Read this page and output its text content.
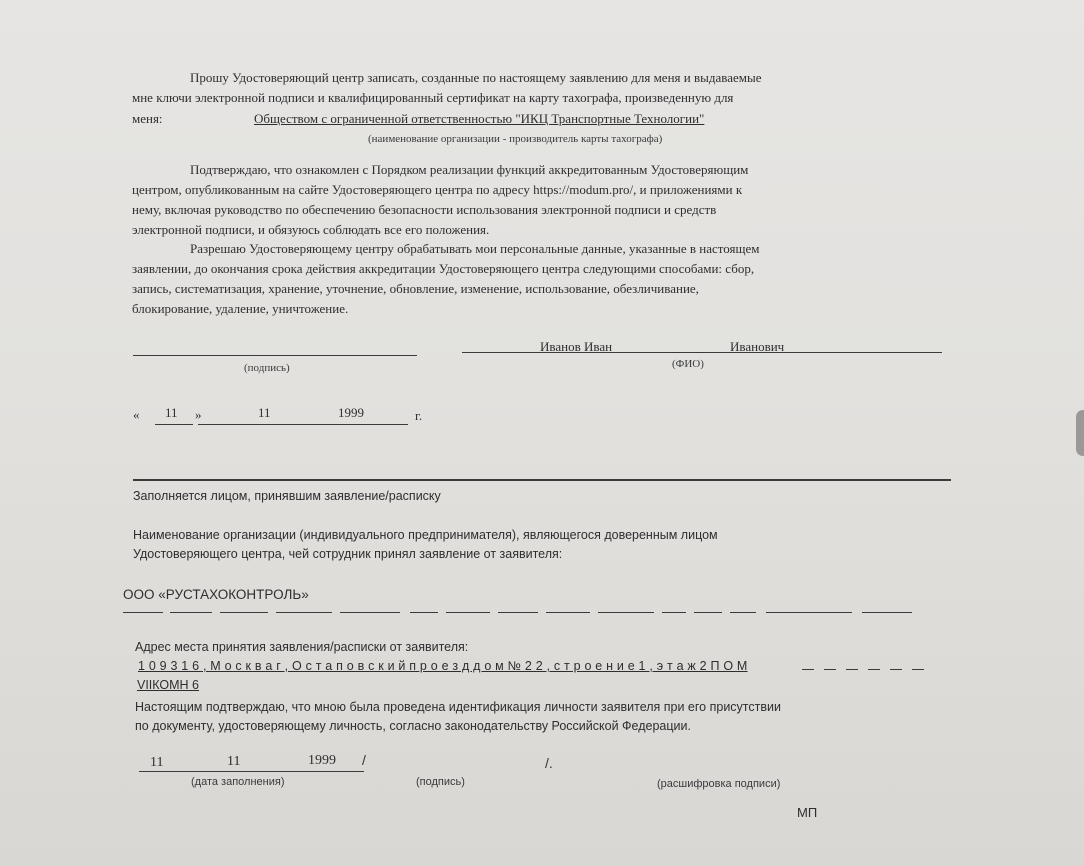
Прошу Удостоверяющий центр записать, созданные по настоящему заявлению для меня и выдаваемые
мне ключи электронной подписи и квалифицированный сертификат на карту тахографа, произведенную для
меня:	Обществом с ограниченной ответственностью "ИКЦ Транспортные Технологии"
(наименование организации - производитель карты тахографа)
Подтверждаю, что ознакомлен с Порядком реализации функций аккредитованным Удостоверяющим
центром, опубликованным на сайте Удостоверяющего центра по адресу https://modum.pro/, и приложениями к
нему, включая руководство по обеспечению безопасности использования электронной подписи и средств
электронной подписи, и обязуюсь соблюдать все его положения.
Разрешаю Удостоверяющему центру обрабатывать мои персональные данные, указанные в настоящем
заявлении, до окончания срока действия аккредитации Удостоверяющего центра следующими способами: сбор,
запись, систематизация, хранение, уточнение, обновление, изменение, использование, обезличивание,
блокирование, удаление, уничтожение.
Иванов Иван	Иванович
(подпись)	(ФИО)
« 11 »	11	1999	г.
Заполняется лицом, принявшим заявление/расписку
Наименование организации (индивидуального предпринимателя), являющегося доверенным лицом
Удостоверяющего центра, чей сотрудник принял заявление от заявителя:
ООО «РУСТАХОКОНТРОЛЬ»
Адрес места принятия заявления/расписки от заявителя:
1 0 9 3 1 6 , М о с к в а г , О с т а п о в с к и й п р о е з д д о м № 2 2 , с т р о е н и е 1 , э т а ж 2 П О М
VIIКОМН 6
Настоящим подтверждаю, что мною была проведена идентификация личности заявителя при его присутствии
по документу, удостоверяющему личность, согласно законодательству Российской Федерации.
11	11	1999 /	/.
(дата заполнения)	(подпись)	(расшифровка подписи)
МП
